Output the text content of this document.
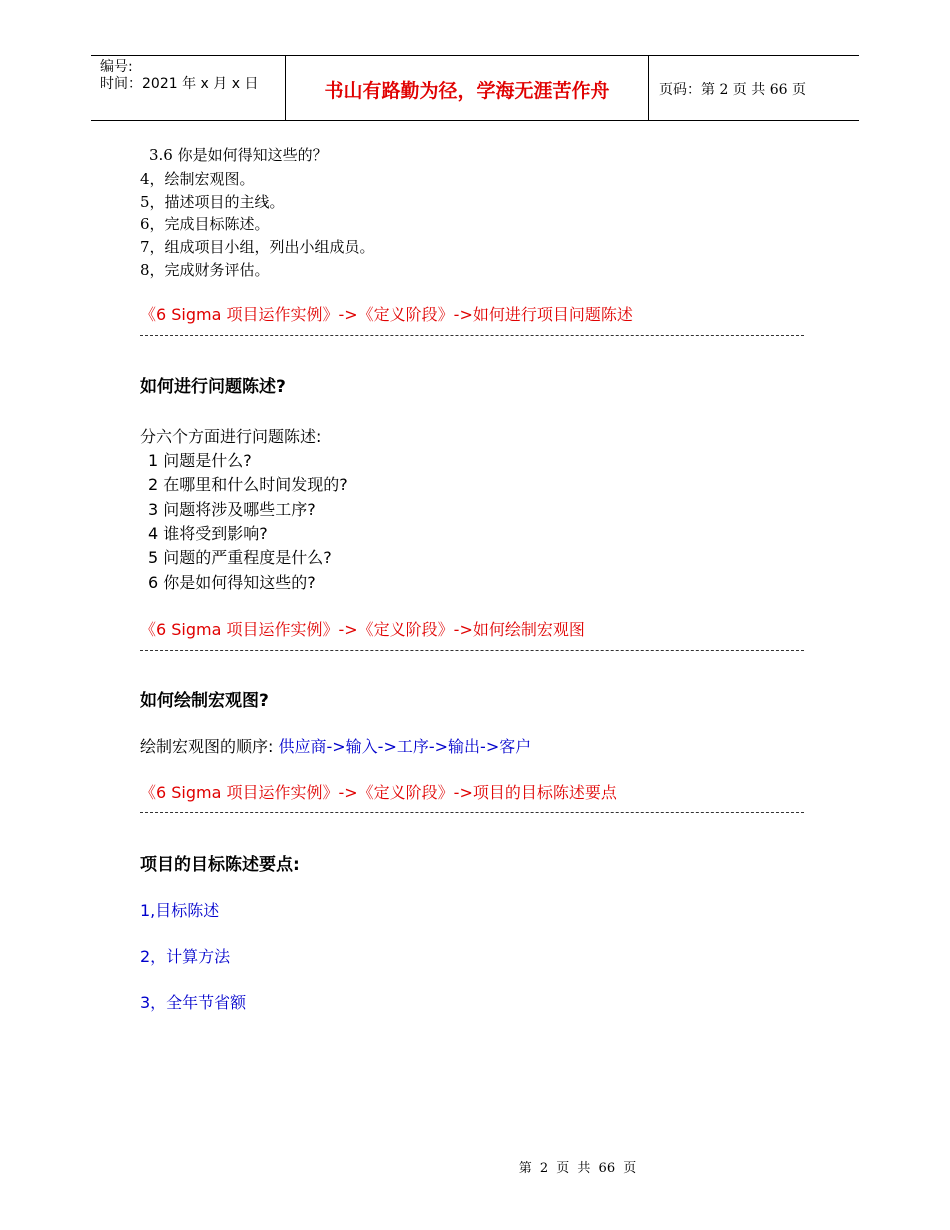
编号:
时间：2021 年 x 月 x 日	书山有路勤为径，学海无涯苦作舟	页码：第 2 页 共 66 页
3.6 你是如何得知这些的？
4，绘制宏观图。
5，描述项目的主线。
6，完成目标陈述。
7，组成项目小组，列出小组成员。
8，完成财务评估。
《6 Sigma 项目运作实例》->《定义阶段》->如何进行项目问题陈述
如何进行问题陈述?
分六个方面进行问题陈述:
1 问题是什么?
2 在哪里和什么时间发现的?
3 问题将涉及哪些工序?
4 谁将受到影响?
5 问题的严重程度是什么?
6 你是如何得知这些的?
《6 Sigma 项目运作实例》->《定义阶段》->如何绘制宏观图
如何绘制宏观图?
绘制宏观图的顺序: 供应商->输入->工序->输出->客户
《6 Sigma 项目运作实例》->《定义阶段》->项目的目标陈述要点
项目的目标陈述要点:
1,目标陈述
2，计算方法
3，全年节省额
第 2 页 共 66 页
